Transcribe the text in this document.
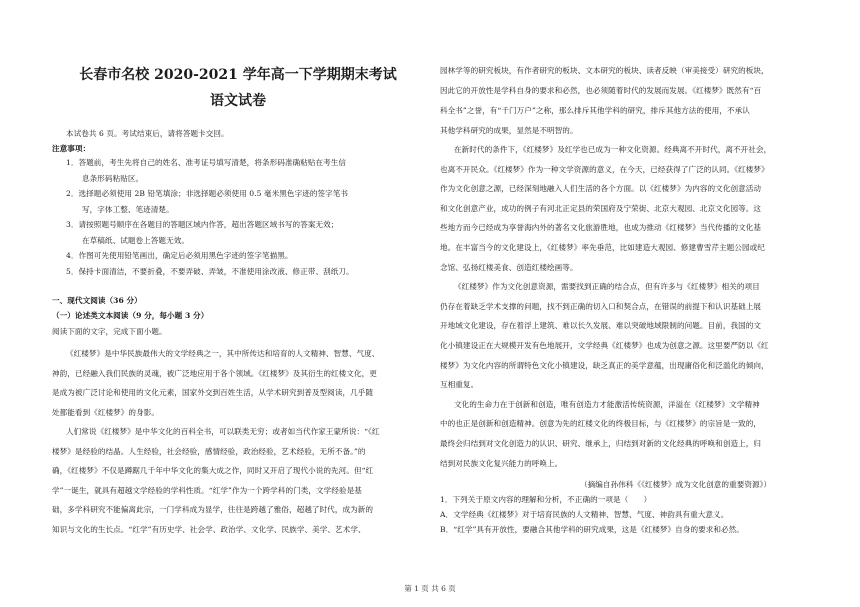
长春市名校 2020-2021 学年高一下学期期末考试
语文试卷
本试卷共 6 页。考试结束后，请将答题卡交回。
注意事项：
1．答题前，考生先将自己的姓名、准考证号填写清楚，将条形码准确粘贴在考生信
息条形码粘贴区。
2．选择题必须使用 2B 铅笔填涂；非选择题必须使用 0.5 毫米黑色字迹的签字笔书
写，字体工整、笔迹清楚。
3．请按照题号顺序在各题目的答题区域内作答，超出答题区域书写的答案无效；
在草稿纸、试题卷上答题无效。
4．作图可先使用铅笔画出，确定后必须用黑色字迹的签字笔描黑。
5．保持卡面清洁，不要折叠，不要弄破、弄皱，不准使用涂改液、修正带、刮纸刀。
一、现代文阅读（36 分）
（一）论述类文本阅读（9 分，每小题 3 分）
阅读下面的文字，完成下面小题。
《红楼梦》是中华民族最伟大的文学经典之一，其中所传达和培育的人文精神、智慧、气度、
神韵，已经融入我们民族的灵魂，被广泛地应用于各个领域。《红楼梦》及其衍生的红楼文化，更
是成为被广泛讨论和使用的文化元素，国家外交到百姓生活，从学术研究到普及型阅读，几乎随
处都能看到《红楼梦》的身影。
人们常说《红楼梦》是中华文化的百科全书，可以联类无穷；或者如当代作家王蒙所说：“《红
楼梦》是经验的结晶。人生经验，社会经验，感情经验，政治经验，艺术经验，无所不备。”的
确，《红楼梦》不仅是蹲踞几千年中华文化的集大成之作，同时又开启了现代小说的先河。但“红
学”一诞生，就具有超越文学经验的学科性质。“红学”作为一个跨学科的门类，文学经验是基
础，多学科研究不能偏离此宗，一门学科成为显学，往往是跨越了雅俗，超越了时代，成为新的
知识与文化的生长点。“红学”有历史学、社会学、政治学、文化学、民族学、美学、艺术学、
园林学等的研究板块，有作者研究的板块、文本研究的板块、读者反映（审美接受）研究的板块，
因此它的开放性是学科自身的要求和必然，也必须随着时代的发展而发展。《红楼梦》既然有“百
科全书”之誉，有“千门万户”之称，那么排斥其他学科的研究，排斥其他方法的使用，不承认
其他学科研究的成果，显然是不明智的。
在新时代的条件下，《红楼梦》及红学也已成为一种文化资源。经典离不开时代，离不开社会，
也离不开民众。《红楼梦》作为一种文学资源的意义，在今天，已经获得了广泛的认同。《红楼梦》
作为文化创意之源，已经深刻地融入人们生活的各个方面。以《红楼梦》为内容的文化创意活动
和文化创意产业，成功的例子有河北正定县的荣国府及宁荣街、北京大观园、北京文化园等。这
些地方而今已经成为享誉海内外的著名文化旅游胜地，也成为推动《红楼梦》当代传播的文化基
地。在丰富当今的文化建设上，《红楼梦》率先垂范，比如建造大观园、修建曹雪芹主题公园或纪
念馆、弘扬红楼美食、创造红楼绘画等。
《红楼梦》作为文化创意资源，需要找到正确的结合点，但有许多与《红楼梦》相关的项目
仍存在着缺乏学术支撑的问题，找不到正确的切入口和契合点，在错误的前提下和认识基础上展
开地域文化建设，存在着浮上建筑、难以长久发展、难以突破地域限制的问题。目前，我国的文
化小镇建设正在大规模开发有色地展开，文学经典《红楼梦》也成为创意之源。这里要严防以《红
楼梦》为文化内容的所谓特色文化小镇建设，缺乏真正的美学意蕴，出现庸俗化和泛滥化的倾向，
互相重复。
文化的生命力在于创新和创造，唯有创造力才能激活传统资源，洋溢在《红楼梦》文学精神
中的也正是创新和创造精神。创意为先的红楼文化的终极目标，与《红楼梦》的宗旨是一致的，
最终会归结到对文化创造力的认识、研究、继承上，归结到对新的文化经典的呼唤和创造上，归
结到对民族文化复兴能力的呼唤上。
（摘编自孙伟科《《红楼梦》成为文化创意的重要资源》）
1．下列关于原文内容的理解和分析，不正确的一项是（　　）
A．文学经典《红楼梦》对于培育民族的人文精神、智慧、气度、神韵具有重大意义。
B．“红学”具有开放性，要融合其他学科的研究成果，这是《红楼梦》自身的要求和必然。
第 1 页 共 6 页
